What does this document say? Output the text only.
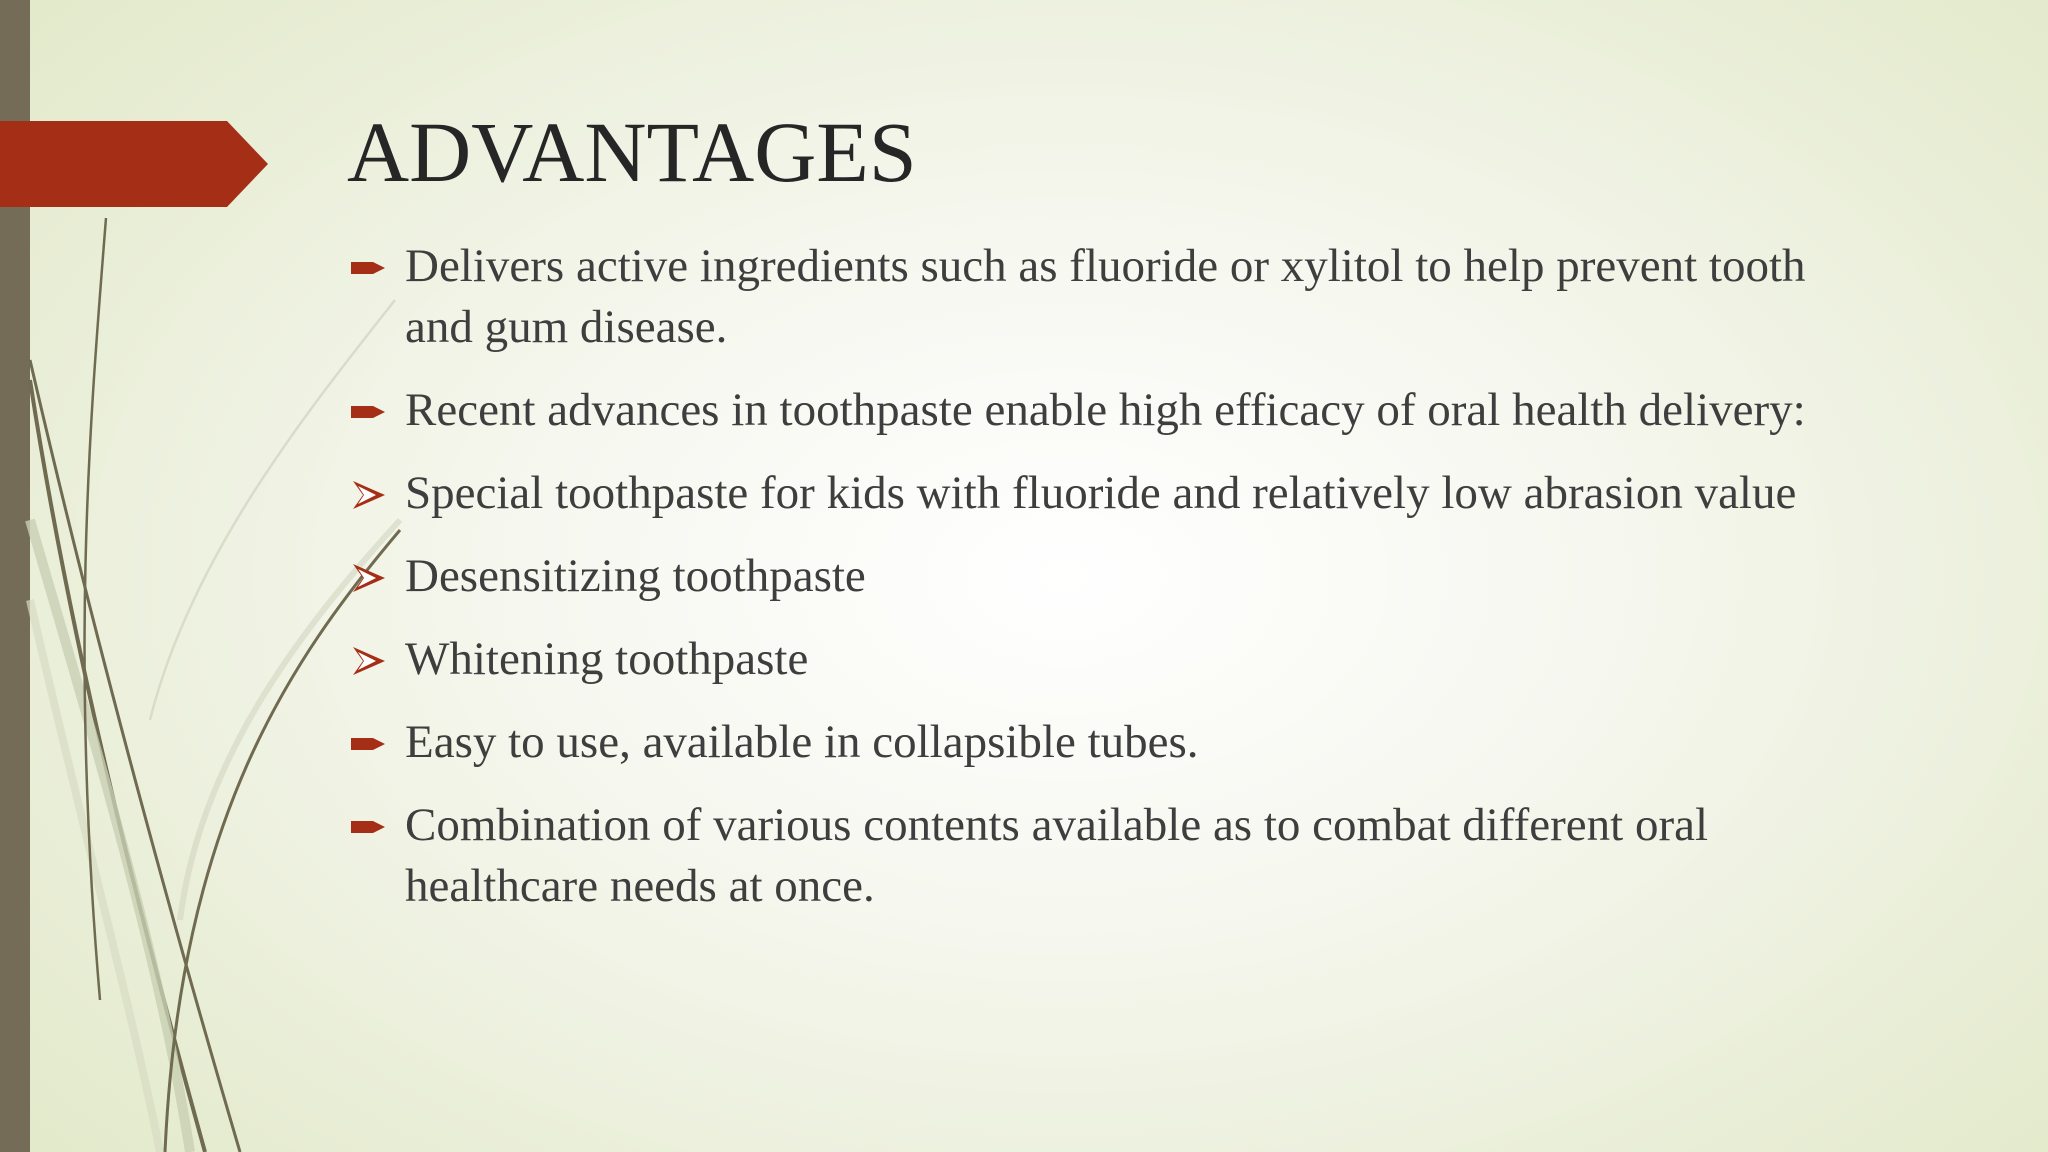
ADVANTAGES
Delivers active ingredients such as fluoride or xylitol to help prevent tooth and gum disease.
Recent advances in toothpaste enable high efficacy of oral health delivery:
Special toothpaste for kids with fluoride and relatively low abrasion value
Desensitizing toothpaste
Whitening toothpaste
Easy to use, available in collapsible tubes.
Combination of various contents available as to combat different oral healthcare needs at once.
